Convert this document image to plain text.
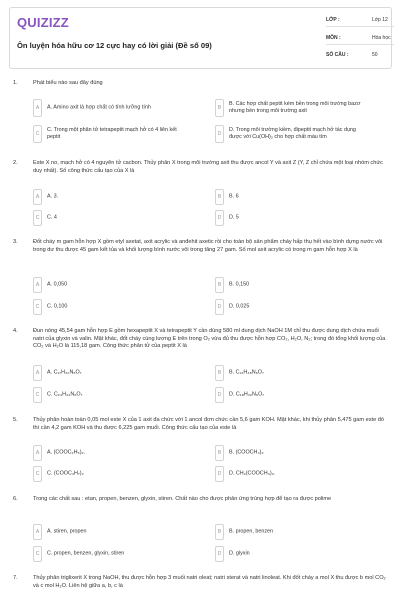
QUIZIZZ
Ôn luyện hóa hữu cơ 12 cực hay có lời giải (Đề số 09)
LỚP :	Lớp 12
MÔN :	Hóa học
SỐ CÂU :	50
1.	Phát biểu nào sau đây đúng
A	A. Amino axit là hợp chất có tính lưỡng tính	B
B. Các hợp chất peptit kém bền trong môi trường bazơ nhưng bền trong môi trường axit
C
C. Trong một phân tử tetrapeptit mạch hở có 4 liên kết peptit	D
D. Trong môi trường kiềm, đipeptit mạch hở tác dụng được với Cu(OH)₂ cho hợp chất màu tím
2.	Este X no, mạch hở có 4 nguyên tử cacbon. Thủy phân X trong môi trường axit thu được ancol Y và axit Z (Y, Z chỉ chứa một loại nhóm chức duy nhất). Số công thức cấu tạo của X là
A	A. 3.	B	B. 6
C	C. 4	D	D. 5
3.	Đốt cháy m gam hỗn hợp X gồm etyl axetat, axit acrylic và anđehit axetic rồi cho toàn bộ sản phẩm cháy hấp thụ hết vào bình dựng nước vôi trong dư thu được 45 gam kết tủa và khối lượng bình nước vôi trong tăng 27 gam. Số mol axit acrylic có trong m gam hỗn hợp X là
A	A. 0,050	B	B. 0,150
C	C. 0,100	D	D. 0,025
4.	Đun nóng 45,54 gam hỗn hợp E gồm hexapeptit X và tetrapeptit Y cần dùng 580 ml dung dịch NaOH 1M chỉ thu được dung dịch chứa muối natri của glyxin và valin. Mặt khác, đốt cháy cùng lượng E trên trong O₂ vừa đủ thu được hỗn hợp CO₂, H₂O, N₂; trong đó tổng khối lượng của CO₂ và H₂O là 115,18 gam. Công thức phân tử của peptit X là
A	A. C₁₇H₃₀N₆O₇	B	B. C₂₁H₃₈N₆O₇
C	C. C₂₄H₄₄N₆O₇	D	D. C₁₈H₃₂N₆O₇
5.	Thủy phân hoàn toàn 0,05 mol este X của 1 axit đa chức với 1 ancol đơn chức cần 5,6 gam KOH. Mặt khác, khi thủy phân 5,475 gam este đó thì cần 4,2 gam KOH và thu được 6,225 gam muối. Công thức cấu tạo của este là
A	A. (COOC₂H₅)₂.	B	B. (COOCH₃)₂
C	C. (COOC₃H₇)₂	D	D. CH₂(COOCH₃)₂.
6.	Trong các chất sau : etan, propen, benzen, glyxin, stiren. Chất nào cho được phản ứng trùng hợp để tạo ra được polime
A	A. stiren, propen	B	B. propen, benzen
C	C. propen, benzen, glyxin, stiren	D	D. glyxin
7.	Thủy phân triglixerit X trong NaOH, thu được hỗn hợp 3 muối natri oleat; natri sterat và natri linoleat. Khi đốt cháy a mol X thu được b mol CO₂ và c mol H₂O. Liên hệ giữa a, b, c là
